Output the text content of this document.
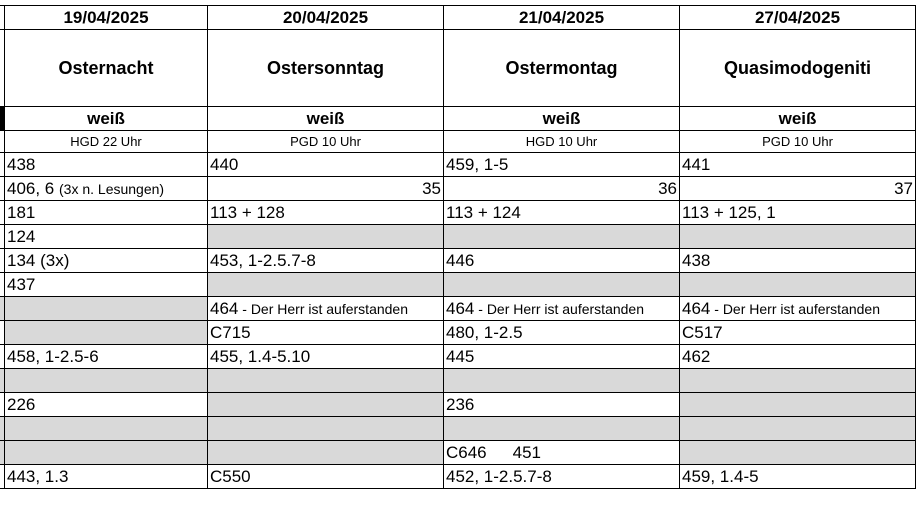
	19/04/2025	20/04/2025	21/04/2025	27/04/2025
	Osternacht	Ostersonntag	Ostermontag	Quasimodogeniti
	weiß	weiß	weiß	weiß
	HGD 22 Uhr	PGD 10 Uhr	HGD 10 Uhr	PGD 10 Uhr
	438	440	459, 1-5	441
	406, 6 (3x n. Lesungen)	35	36	37
	181	113 + 128	113 + 124	113 + 125, 1
	124			
	134 (3x)	453, 1-2.5.7-8	446	438
	437			
		464 - Der Herr ist auferstanden	464 - Der Herr ist auferstanden	464 - Der Herr ist auferstanden
		C715	480, 1-2.5	C517
	458, 1-2.5-6	455, 1.4-5.10	445	462

	226		236	

			C646 451	
	443, 1.3	C550	452, 1-2.5.7-8	459, 1.4-5
